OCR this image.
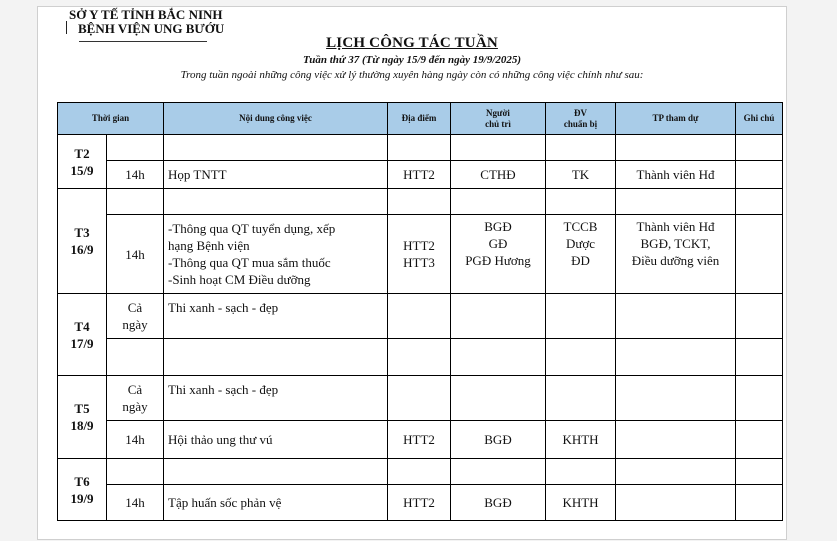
SỞ Y TẾ TỈNH BẮC NINH
BỆNH VIỆN UNG BƯỚU
LỊCH CÔNG TÁC TUẦN
Tuần thứ 37 (Từ ngày 15/9 đến ngày 19/9/2025)
Trong tuần ngoài những công việc xử lý thường xuyên hàng ngày còn có những công việc chính như sau:
Thời gian		Nội dung công việc	Địa điểm	Người
chủ trì	ĐV
chuẩn bị	TP tham dự	Ghi chú
T2
15/9							
	14h	Họp TNTT	HTT2	CTHĐ	TK	Thành viên Hđ	
T3
16/9							
	14h	-Thông qua QT tuyển dụng, xếp
hạng Bệnh viện
-Thông qua QT mua sắm thuốc
-Sinh hoạt CM Điều dưỡng	HTT2
HTT3	BGĐ
GĐ
PGĐ Hương	TCCB
Dược
ĐD	Thành viên Hđ
BGĐ, TCKT,
Điều dưỡng viên	
T4
17/9	Cả
ngày	Thi xanh - sạch - đẹp					

T5
18/9	Cả
ngày	Thi xanh - sạch - đẹp					
	14h	Hội thảo ung thư vú	HTT2	BGĐ	KHTH		
T6
19/9							
	14h	Tập huấn sốc phản vệ	HTT2	BGĐ	KHTH		
